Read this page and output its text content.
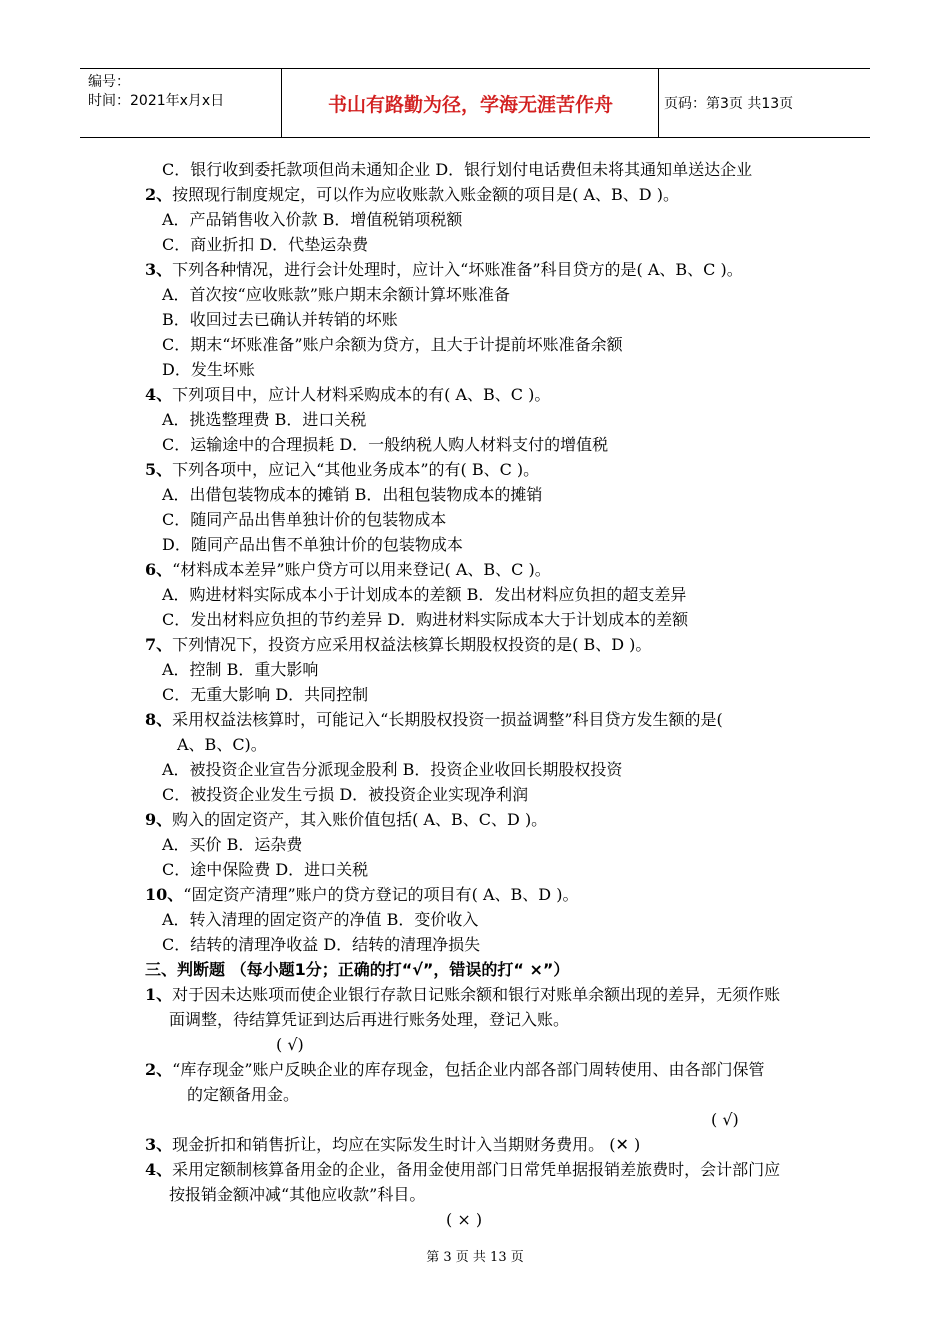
编号：
时间：2021年x月x日	书山有路勤为径，学海无涯苦作舟	页码：第3页 共13页
C．银行收到委托款项但尚未通知企业 D．银行划付电话费但未将其通知单送达企业
2、按照现行制度规定，可以作为应收账款入账金额的项目是( A、B、D )。
A．产品销售收入价款 B．增值税销项税额
C．商业折扣 D．代垫运杂费
3、下列各种情况，进行会计处理时，应计入“坏账准备”科目贷方的是( A、B、C )。
A．首次按“应收账款”账户期末余额计算坏账准备
B．收回过去已确认并转销的坏账
C．期末“坏账准备”账户余额为贷方，且大于计提前坏账准备余额
D．发生坏账
4、下列项目中，应计人材料采购成本的有( A、B、C )。
A．挑选整理费 B．进口关税
C．运输途中的合理损耗 D．一般纳税人购人材料支付的增值税
5、下列各项中，应记入“其他业务成本”的有( B、C )。
A．出借包装物成本的摊销 B．出租包装物成本的摊销
C．随同产品出售单独计价的包装物成本
D．随同产品出售不单独计价的包装物成本
6、“材料成本差异”账户贷方可以用来登记( A、B、C )。
A．购进材料实际成本小于计划成本的差额 B．发出材料应负担的超支差异
C．发出材料应负担的节约差异 D．购进材料实际成本大于计划成本的差额
7、下列情况下，投资方应采用权益法核算长期股权投资的是( B、D )。
A．控制 B．重大影响
C．无重大影响 D．共同控制
8、采用权益法核算时，可能记入“长期股权投资一损益调整”科目贷方发生额的是(
A、B、C)。
A．被投资企业宣告分派现金股利 B．投资企业收回长期股权投资
C．被投资企业发生亏损 D．被投资企业实现净利润
9、购入的固定资产，其入账价值包括( A、B、C、D )。
A．买价 B．运杂费
C．途中保险费 D．进口关税
10、“固定资产清理”账户的贷方登记的项目有( A、B、D )。
A．转入清理的固定资产的净值 B．变价收入
C．结转的清理净收益 D．结转的清理净损失
三、判断题 （每小题1分；正确的打“√”，错误的打“ ×”）
1、对于因未达账项而使企业银行存款日记账余额和银行对账单余额出现的差异，无须作账
面调整，待结算凭证到达后再进行账务处理，登记入账。
( √)
2、“库存现金”账户反映企业的库存现金，包括企业内部各部门周转使用、由各部门保管
的定额备用金。
( √)
3、现金折扣和销售折让，均应在实际发生时计入当期财务费用。 (✕ )
4、采用定额制核算备用金的企业，备用金使用部门日常凭单据报销差旅费时，会计部门应
按报销金额冲减“其他应收款”科目。
( × )
第 3 页 共 13 页
